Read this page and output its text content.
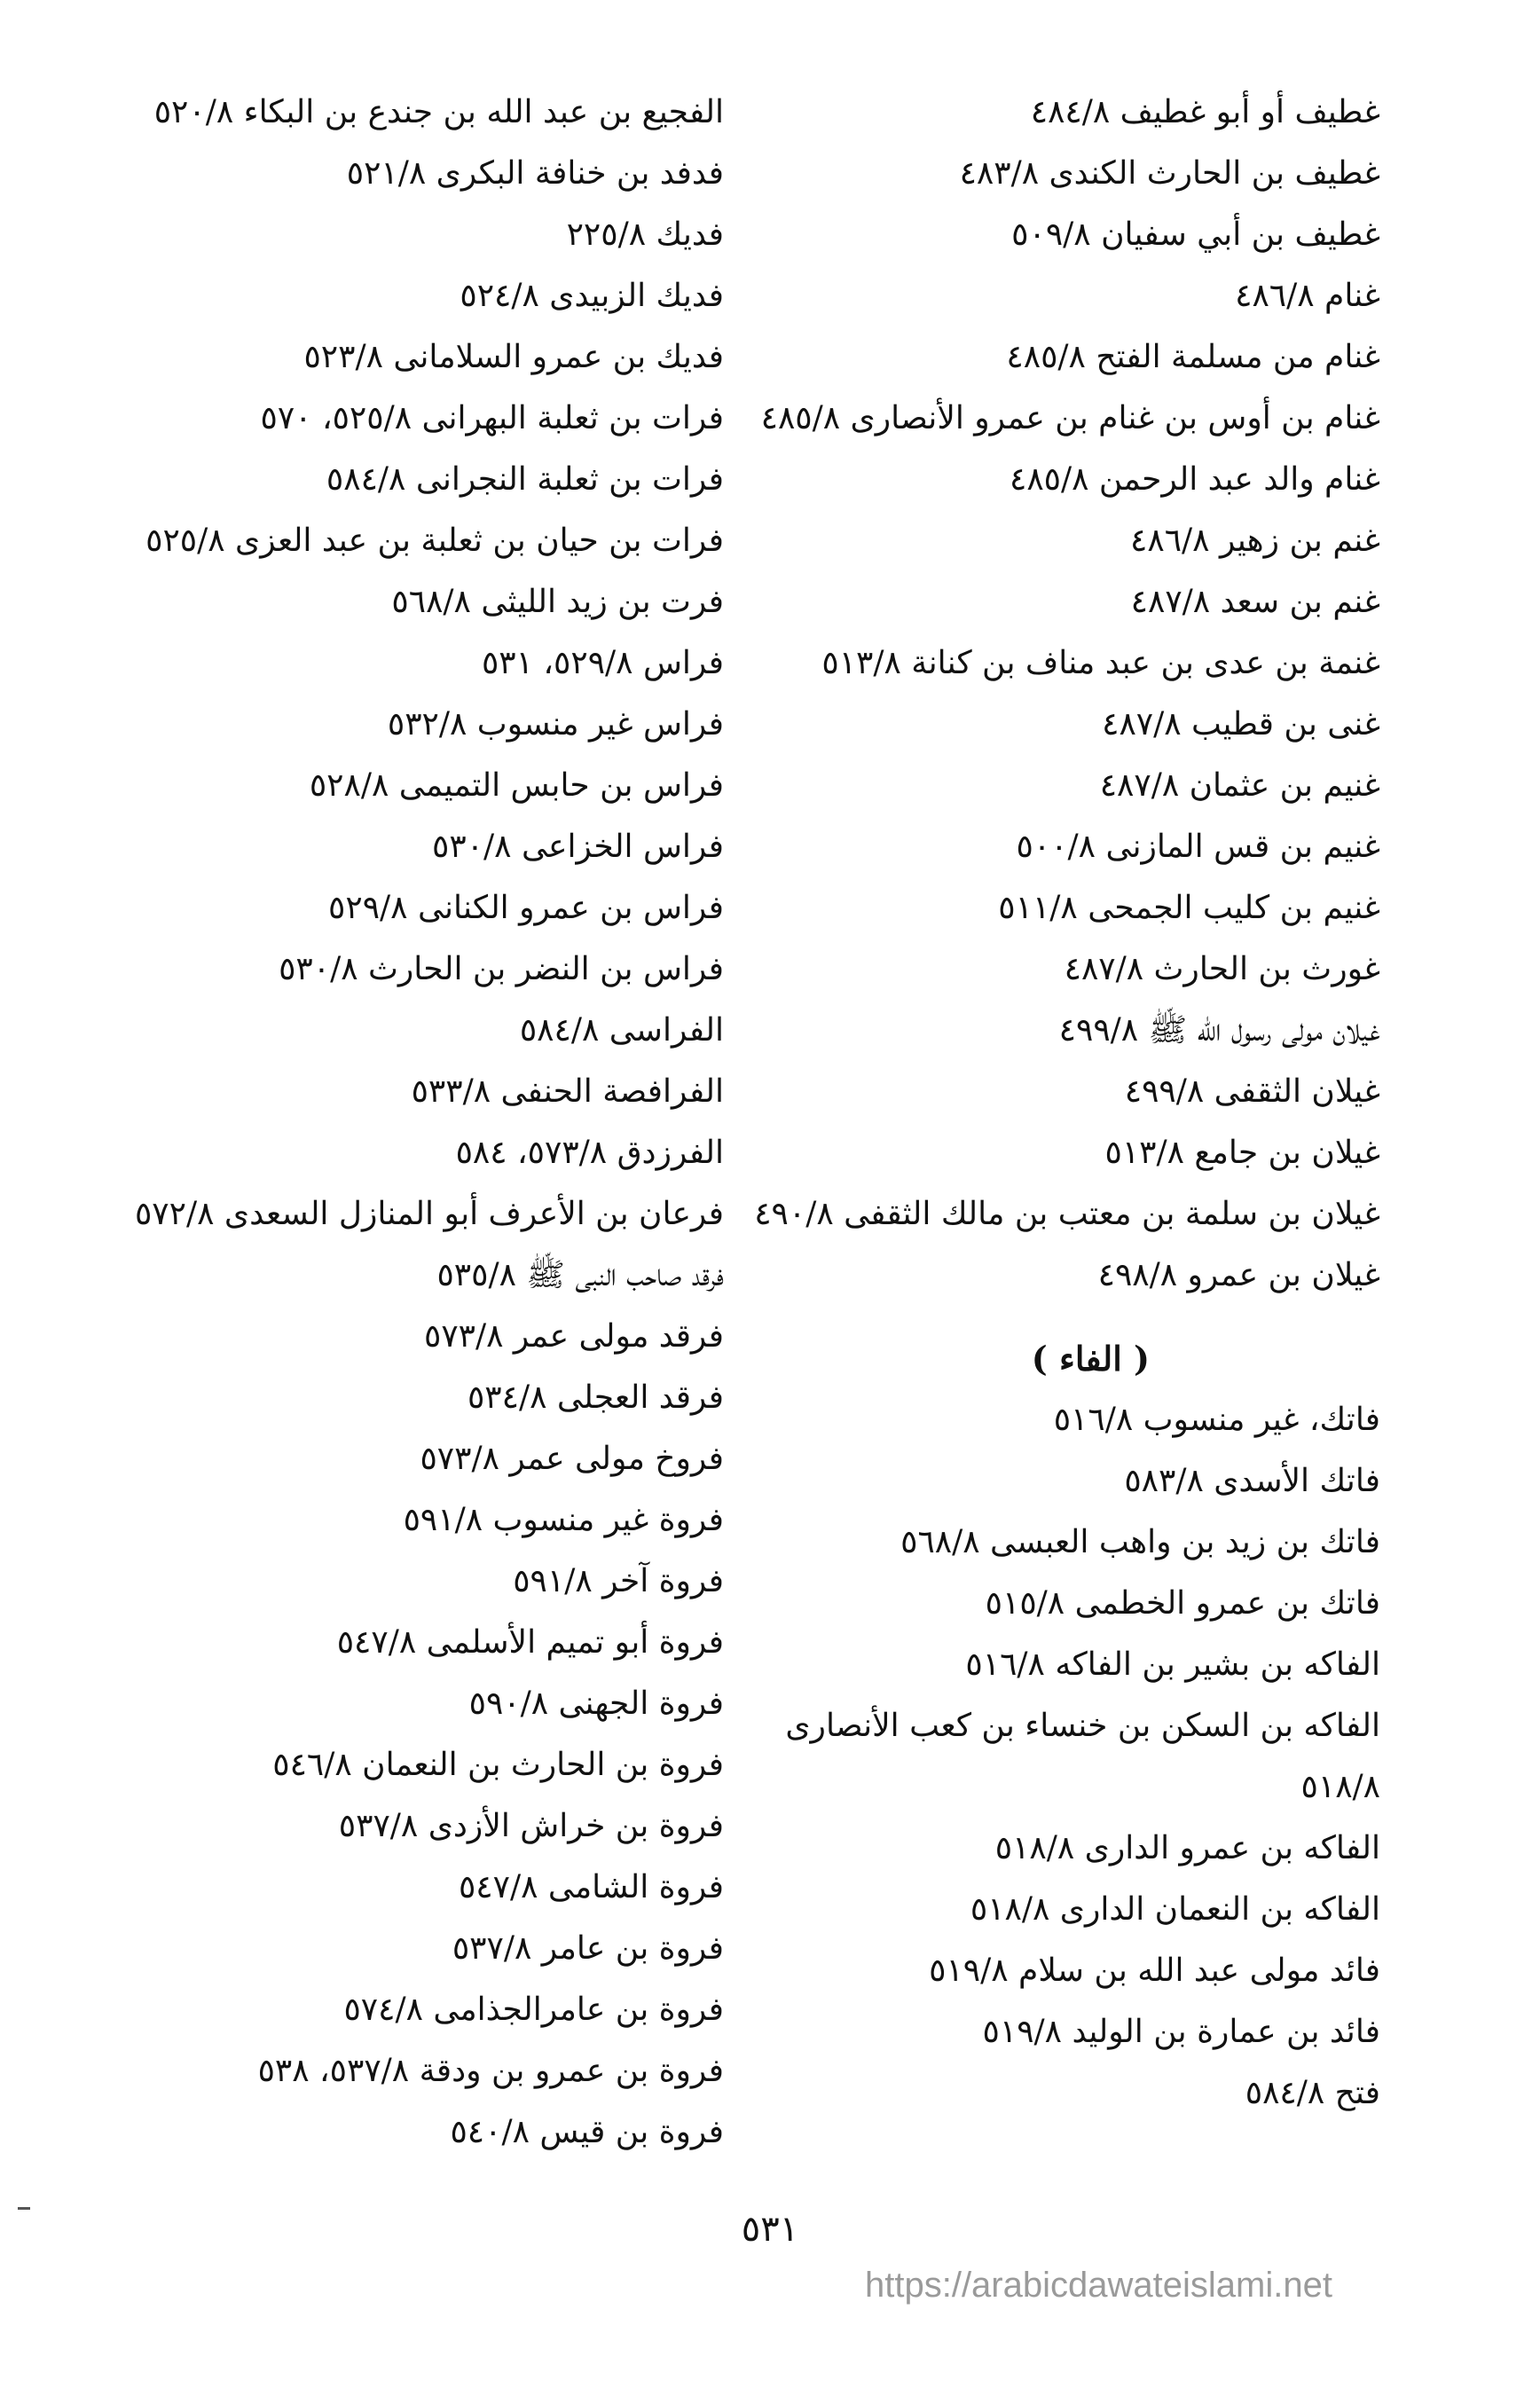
غطيف أو أبو غطيف ٤٨٤/٨
غطيف بن الحارث الكندى ٤٨٣/٨
غطيف بن أبي سفيان ٥٠٩/٨
غنام ٤٨٦/٨
غنام من مسلمة الفتح ٤٨٥/٨
غنام بن أوس بن غنام بن عمرو الأنصارى ٤٨٥/٨
غنام والد عبد الرحمن ٤٨٥/٨
غنم بن زهير ٤٨٦/٨
غنم بن سعد ٤٨٧/٨
غنمة بن عدى بن عبد مناف بن كنانة ٥١٣/٨
غنى بن قطيب ٤٨٧/٨
غنيم بن عثمان ٤٨٧/٨
غنيم بن قس المازنى ٥٠٠/٨
غنيم بن كليب الجمحى ٥١١/٨
غورث بن الحارث ٤٨٧/٨
غيلان مولى رسول الله ﷺ ٤٩٩/٨
غيلان الثقفى ٤٩٩/٨
غيلان بن جامع ٥١٣/٨
غيلان بن سلمة بن معتب بن مالك الثقفى ٤٩٠/٨
غيلان بن عمرو ٤٩٨/٨
( الفاء )
فاتك، غير منسوب ٥١٦/٨
فاتك الأسدى ٥٨٣/٨
فاتك بن زيد بن واهب العبسى ٥٦٨/٨
فاتك بن عمرو الخطمى ٥١٥/٨
الفاكه بن بشير بن الفاكه ٥١٦/٨
الفاكه بن السكن بن خنساء بن كعب الأنصارى ٥١٨/٨
الفاكه بن عمرو الدارى ٥١٨/٨
الفاكه بن النعمان الدارى ٥١٨/٨
فائد مولى عبد الله بن سلام ٥١٩/٨
فائد بن عمارة بن الوليد ٥١٩/٨
فتح ٥٨٤/٨
الفجيع بن عبد الله بن جندع بن البكاء ٥٢٠/٨
فدفد بن خنافة البكرى ٥٢١/٨
فديك ٢٢٥/٨
فديك الزبيدى ٥٢٤/٨
فديك بن عمرو السلامانى ٥٢٣/٨
فرات بن ثعلبة البهرانى ٥٢٥/٨، ٥٧٠
فرات بن ثعلبة النجرانى ٥٨٤/٨
فرات بن حيان بن ثعلبة بن عبد العزى ٥٢٥/٨
فرت بن زيد الليثى ٥٦٨/٨
فراس ٥٢٩/٨، ٥٣١
فراس غير منسوب ٥٣٢/٨
فراس بن حابس التميمى ٥٢٨/٨
فراس الخزاعى ٥٣٠/٨
فراس بن عمرو الكنانى ٥٢٩/٨
فراس بن النضر بن الحارث ٥٣٠/٨
الفراسى ٥٨٤/٨
الفرافصة الحنفى ٥٣٣/٨
الفرزدق ٥٧٣/٨، ٥٨٤
فرعان بن الأعرف أبو المنازل السعدى ٥٧٢/٨
فرقد صاحب النبى ﷺ ٥٣٥/٨
فرقد مولى عمر ٥٧٣/٨
فرقد العجلى ٥٣٤/٨
فروخ مولى عمر ٥٧٣/٨
فروة غير منسوب ٥٩١/٨
فروة آخر ٥٩١/٨
فروة أبو تميم الأسلمى ٥٤٧/٨
فروة الجهنى ٥٩٠/٨
فروة بن الحارث بن النعمان ٥٤٦/٨
فروة بن خراش الأزدى ٥٣٧/٨
فروة الشامى ٥٤٧/٨
فروة بن عامر ٥٣٧/٨
فروة بن عامرالجذامى ٥٧٤/٨
فروة بن عمرو بن ودقة ٥٣٧/٨، ٥٣٨
فروة بن قيس ٥٤٠/٨
٥٣١
https://arabicdawateislami.net
